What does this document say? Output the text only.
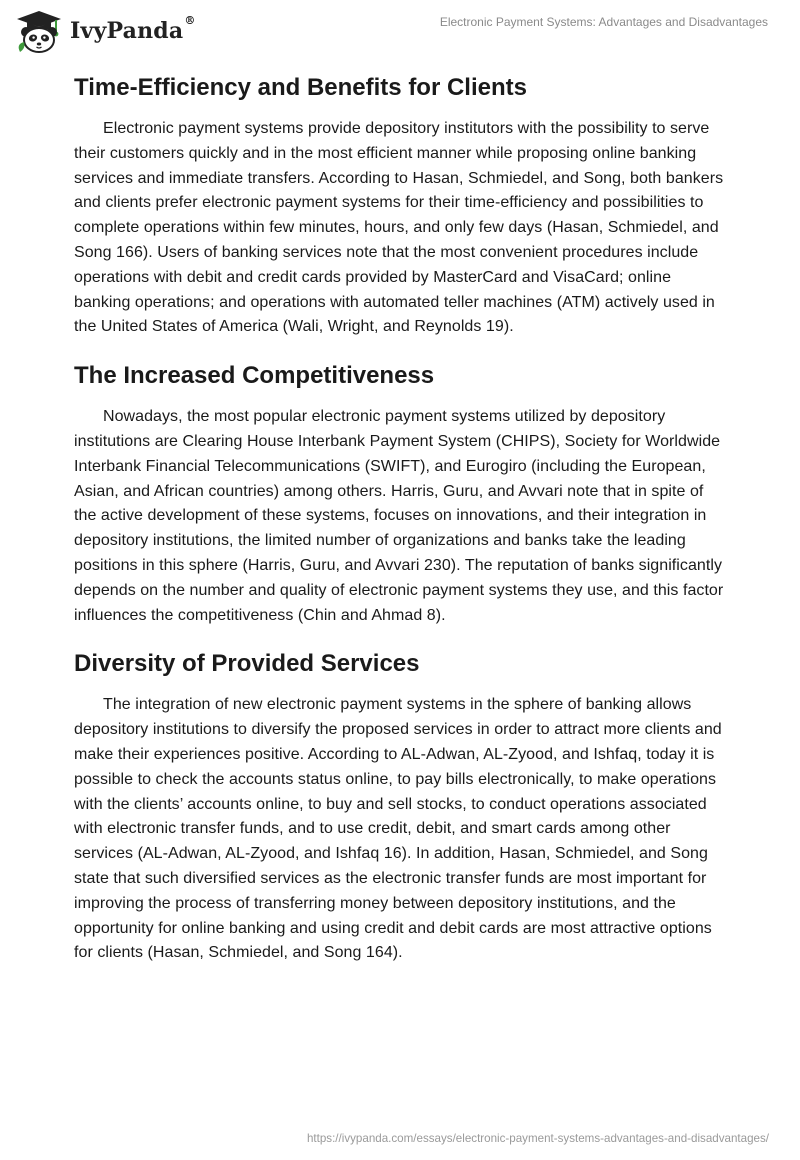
IvyPanda®	Electronic Payment Systems: Advantages and Disadvantages
Time-Efficiency and Benefits for Clients

Electronic payment systems provide depository institutors with the possibility to serve their customers quickly and in the most efficient manner while proposing online banking services and immediate transfers. According to Hasan, Schmiedel, and Song, both bankers and clients prefer electronic payment systems for their time-efficiency and possibilities to complete operations within few minutes, hours, and only few days (Hasan, Schmiedel, and Song 166). Users of banking services note that the most convenient procedures include operations with debit and credit cards provided by MasterCard and VisaCard; online banking operations; and operations with automated teller machines (ATM) actively used in the United States of America (Wali, Wright, and Reynolds 19).

The Increased Competitiveness

Nowadays, the most popular electronic payment systems utilized by depository institutions are Clearing House Interbank Payment System (CHIPS), Society for Worldwide Interbank Financial Telecommunications (SWIFT), and Eurogiro (including the European, Asian, and African countries) among others. Harris, Guru, and Avvari note that in spite of the active development of these systems, focuses on innovations, and their integration in depository institutions, the limited number of organizations and banks take the leading positions in this sphere (Harris, Guru, and Avvari 230). The reputation of banks significantly depends on the number and quality of electronic payment systems they use, and this factor influences the competitiveness (Chin and Ahmad 8).

Diversity of Provided Services

The integration of new electronic payment systems in the sphere of banking allows depository institutions to diversify the proposed services in order to attract more clients and make their experiences positive. According to AL-Adwan, AL-Zyood, and Ishfaq, today it is possible to check the accounts status online, to pay bills electronically, to make operations with the clients’ accounts online, to buy and sell stocks, to conduct operations associated with electronic transfer funds, and to use credit, debit, and smart cards among other services (AL-Adwan, AL-Zyood, and Ishfaq 16). In addition, Hasan, Schmiedel, and Song state that such diversified services as the electronic transfer funds are most important for improving the process of transferring money between depository institutions, and the opportunity for online banking and using credit and debit cards are most attractive options for clients (Hasan, Schmiedel, and Song 164).

https://ivypanda.com/essays/electronic-payment-systems-advantages-and-disadvantages/
